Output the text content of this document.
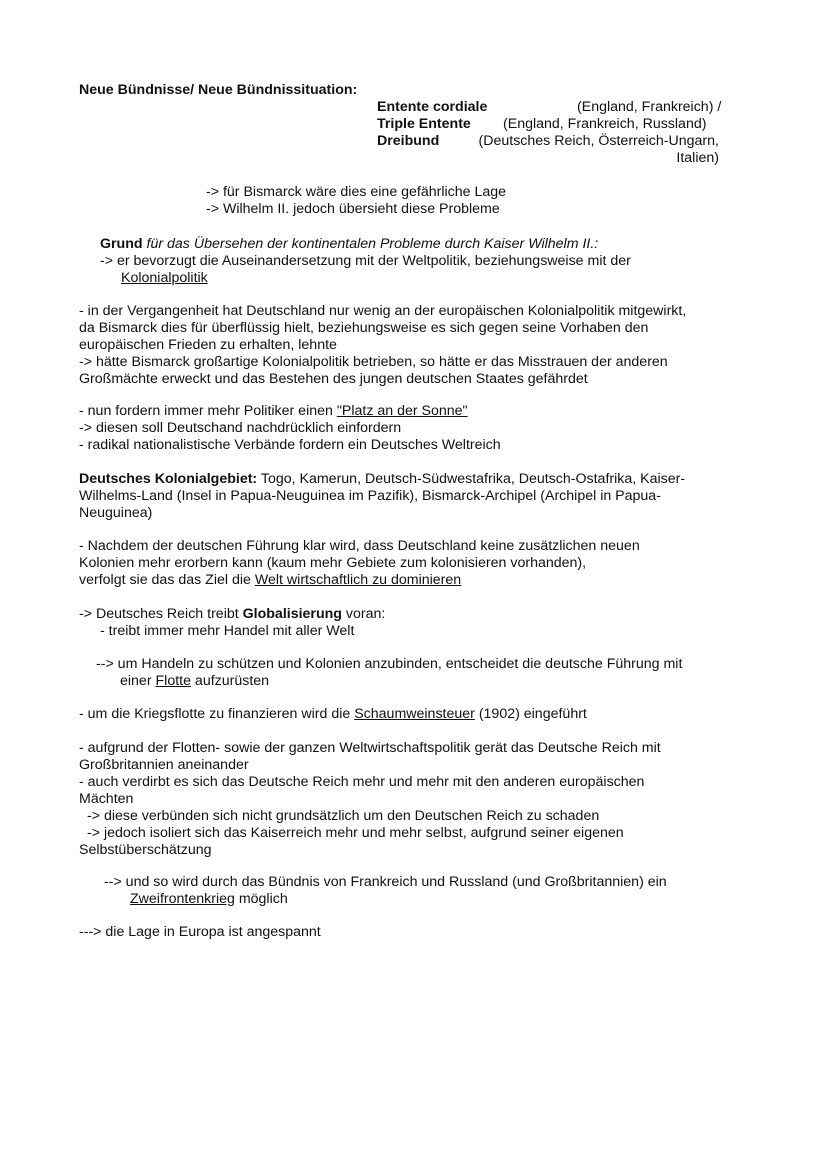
Neue Bündnisse/ Neue Bündnissituation:
Entente cordiale	(England, Frankreich) /
Triple Entente (England, Frankreich, Russland)
Dreibund	(Deutsches Reich, Österreich-Ungarn, Italien)
-> für Bismarck wäre dies eine gefährliche Lage
-> Wilhelm II. jedoch übersieht diese Probleme
Grund für das Übersehen der kontinentalen Probleme durch Kaiser Wilhelm II.:
-> er bevorzugt die Auseinandersetzung mit der Weltpolitik, beziehungsweise mit der
Kolonialpolitik
- in der Vergangenheit hat Deutschland nur wenig an der europäischen Kolonialpolitik mitgewirkt,
da Bismarck dies für überflüssig hielt, beziehungsweise es sich gegen seine Vorhaben den
europäischen Frieden zu erhalten, lehnte
-> hätte Bismarck großartige Kolonialpolitik betrieben, so hätte er das Misstrauen der anderen
Großmächte erweckt und das Bestehen des jungen deutschen Staates gefährdet
- nun fordern immer mehr Politiker einen "Platz an der Sonne"
-> diesen soll Deutschand nachdrücklich einfordern
- radikal nationalistische Verbände fordern ein Deutsches Weltreich
Deutsches Kolonialgebiet: Togo, Kamerun, Deutsch-Südwestafrika, Deutsch-Ostafrika, Kaiser-
Wilhelms-Land (Insel in Papua-Neuguinea im Pazifik), Bismarck-Archipel (Archipel in Papua-
Neuguinea)
- Nachdem der deutschen Führung klar wird, dass Deutschland keine zusätzlichen neuen
Kolonien mehr erorbern kann (kaum mehr Gebiete zum kolonisieren vorhanden),
verfolgt sie das das Ziel die Welt wirtschaftlich zu dominieren
-> Deutsches Reich treibt Globalisierung voran:
- treibt immer mehr Handel mit aller Welt
--> um Handeln zu schützen und Kolonien anzubinden, entscheidet die deutsche Führung mit
einer Flotte aufzurüsten
- um die Kriegsflotte zu finanzieren wird die Schaumweinsteuer (1902) eingeführt
- aufgrund der Flotten- sowie der ganzen Weltwirtschaftspolitik gerät das Deutsche Reich mit
Großbritannien aneinander
- auch verdirbt es sich das Deutsche Reich mehr und mehr mit den anderen europäischen
Mächten
-> diese verbünden sich nicht grundsätzlich um den Deutschen Reich zu schaden
-> jedoch isoliert sich das Kaiserreich mehr und mehr selbst, aufgrund seiner eigenen
Selbstüberschätzung
--> und so wird durch das Bündnis von Frankreich und Russland (und Großbritannien) ein
Zweifrontenkrieg möglich
---> die Lage in Europa ist angespannt
